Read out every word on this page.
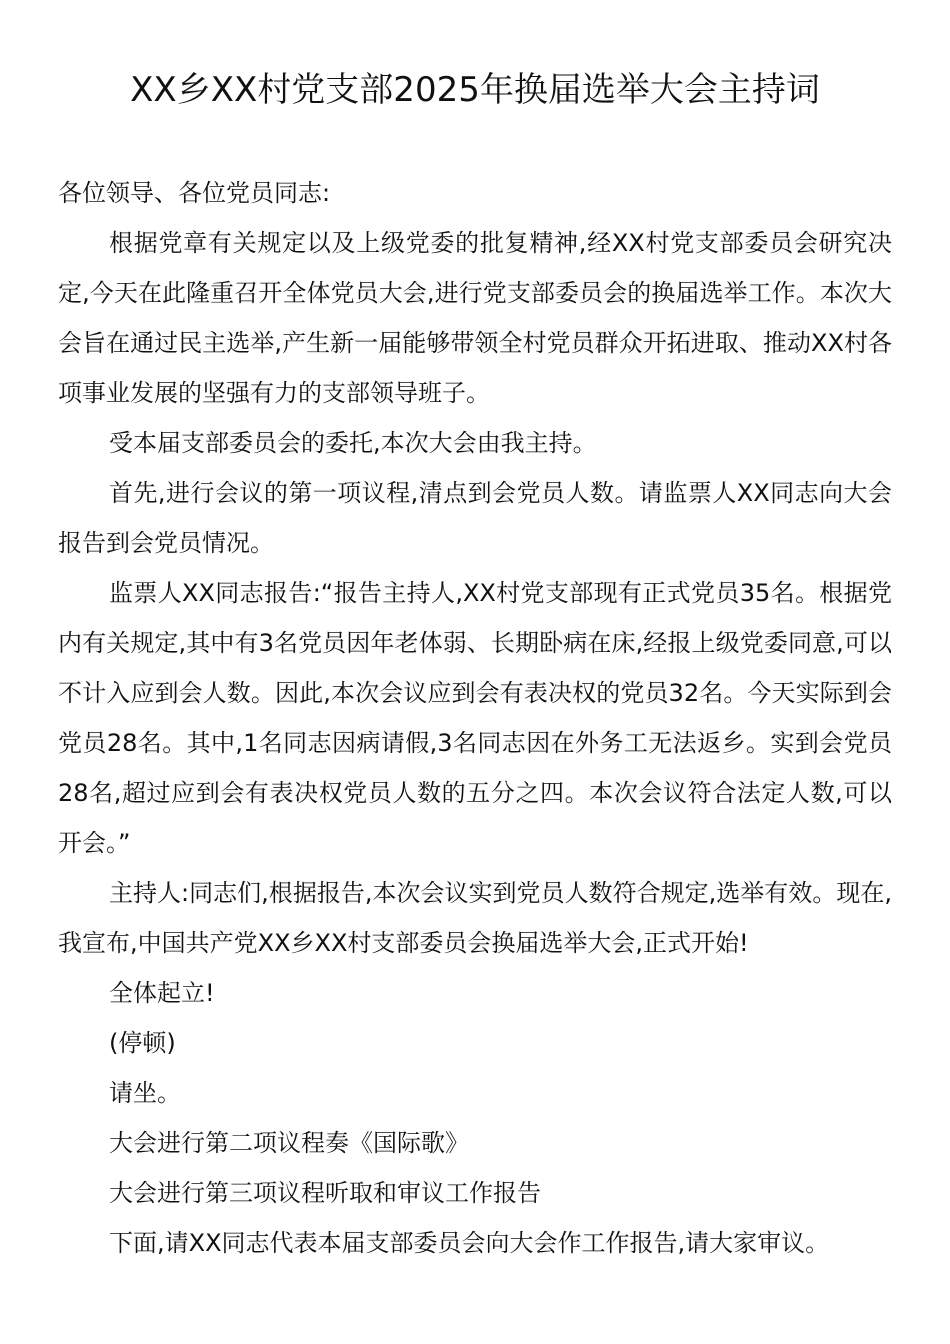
XX乡XX村党支部2025年换届选举大会主持词

各位领导、各位党员同志:

根据党章有关规定以及上级党委的批复精神,经XX村党支部委员会研究决定,今天在此隆重召开全体党员大会,进行党支部委员会的换届选举工作。本次大会旨在通过民主选举,产生新一届能够带领全村党员群众开拓进取、推动XX村各项事业发展的坚强有力的支部领导班子。

受本届支部委员会的委托,本次大会由我主持。

首先,进行会议的第一项议程,清点到会党员人数。请监票人XX同志向大会报告到会党员情况。

监票人XX同志报告:“报告主持人,XX村党支部现有正式党员35名。根据党内有关规定,其中有3名党员因年老体弱、长期卧病在床,经报上级党委同意,可以不计入应到会人数。因此,本次会议应到会有表决权的党员32名。今天实际到会党员28名。其中,1名同志因病请假,3名同志因在外务工无法返乡。实到会党员28名,超过应到会有表决权党员人数的五分之四。本次会议符合法定人数,可以开会。”

主持人:同志们,根据报告,本次会议实到党员人数符合规定,选举有效。现在,我宣布,中国共产党XX乡XX村支部委员会换届选举大会,正式开始!

全体起立!

(停顿)

请坐。

大会进行第二项议程奏《国际歌》

大会进行第三项议程听取和审议工作报告

下面,请XX同志代表本届支部委员会向大会作工作报告,请大家审议。
